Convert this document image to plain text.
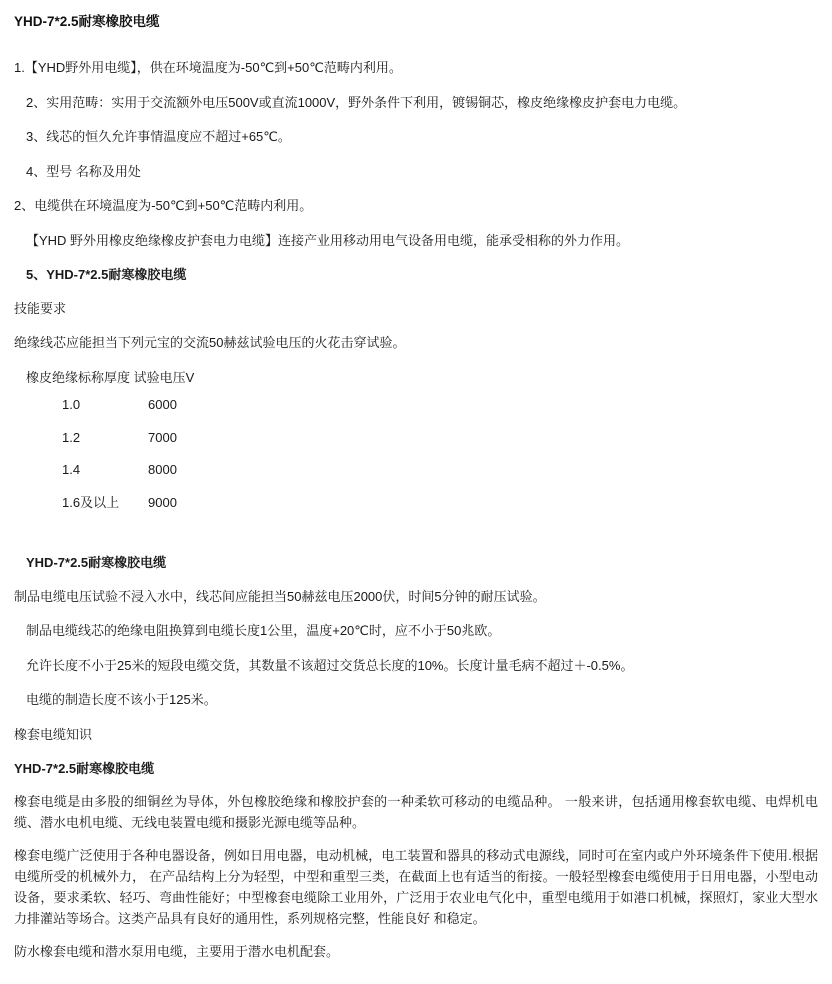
YHD-7*2.5耐寒橡胶电缆
1.【YHD野外用电缆】，供在环境温度为-50℃到+50℃范畴内利用。
2、实用范畴：实用于交流额外电压500V或直流1000V，野外条件下利用，镀锡铜芯，橡皮绝缘橡皮护套电力电缆。
3、线芯的恒久允许事情温度应不超过+65℃。
4、型号 名称及用处
2、电缆供在环境温度为-50℃到+50℃范畴内利用。
【YHD 野外用橡皮绝缘橡皮护套电力电缆】连接产业用移动用电气设备用电缆，能承受相称的外力作用。
5、YHD-7*2.5耐寒橡胶电缆
技能要求
绝缘线芯应能担当下列元宝的交流50赫兹试验电压的火花击穿试验。
橡皮绝缘标称厚度 试验电压V
1.0	6000
1.2	7000
1.4	8000
1.6及以上	9000
YHD-7*2.5耐寒橡胶电缆
制品电缆电压试验不浸入水中，线芯间应能担当50赫兹电压2000伏，时间5分钟的耐压试验。
制品电缆线芯的绝缘电阻换算到电缆长度1公里，温度+20℃时，应不小于50兆欧。
允许长度不小于25米的短段电缆交货，其数量不该超过交货总长度的10%。长度计量毛病不超过＋-0.5%。
电缆的制造长度不该小于125米。
橡套电缆知识
YHD-7*2.5耐寒橡胶电缆
橡套电缆是由多股的细铜丝为导体，外包橡胶绝缘和橡胶护套的一种柔软可移动的电缆品种。 一般来讲，包括通用橡套软电缆、电焊机电缆、潜水电机电缆、无线电装置电缆和摄影光源电缆等品种。
橡套电缆广泛使用于各种电器设备，例如日用电器，电动机械，电工装置和器具的移动式电源线，同时可在室内或户外环境条件下使用.根据电缆所受的机械外力， 在产品结构上分为轻型，中型和重型三类，在截面上也有适当的衔接。一般轻型橡套电缆使用于日用电器，小型电动设备，要求柔软、轻巧、弯曲性能好；中型橡套电缆除工业用外，广泛用于农业电气化中，重型电缆用于如港口机械，探照灯，家业大型水力排灌站等场合。这类产品具有良好的通用性，系列规格完整，性能良好 和稳定。
防水橡套电缆和潜水泵用电缆，主要用于潜水电机配套。
